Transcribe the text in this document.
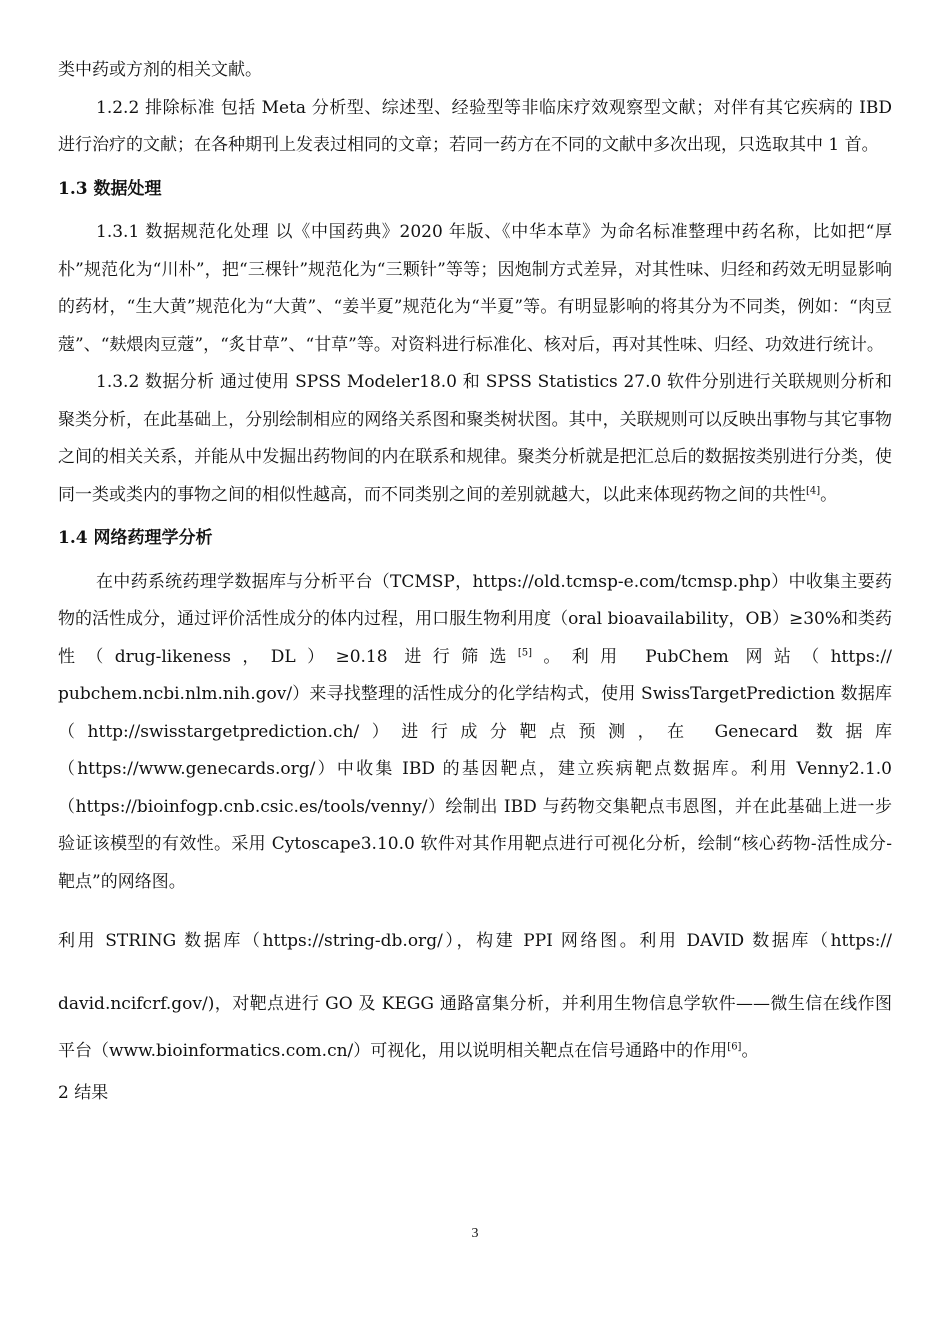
类中药或方剂的相关文献。

1.2.2 排除标准 包括 Meta 分析型、综述型、经验型等非临床疗效观察型文献；对伴有其它疾病的 IBD 进行治疗的文献；在各种期刊上发表过相同的文章；若同一药方在不同的文献中多次出现，只选取其中 1 首。

1.3 数据处理

1.3.1 数据规范化处理 以《中国药典》2020 年版、《中华本草》为命名标准整理中药名称，比如把“厚朴”规范化为“川朴”，把“三棵针”规范化为“三颗针”等等；因炮制方式差异，对其性味、归经和药效无明显影响的药材，“生大黄”规范化为“大黄”、“姜半夏”规范化为“半夏”等。有明显影响的将其分为不同类，例如：“肉豆蔻”、“麸煨肉豆蔻”，“炙甘草”、“甘草”等。对资料进行标准化、核对后，再对其性味、归经、功效进行统计。

1.3.2 数据分析 通过使用 SPSS Modeler18.0 和 SPSS Statistics 27.0 软件分别进行关联规则分析和聚类分析，在此基础上，分别绘制相应的网络关系图和聚类树状图。其中，关联规则可以反映出事物与其它事物之间的相关关系，并能从中发掘出药物间的内在联系和规律。聚类分析就是把汇总后的数据按类别进行分类，使同一类或类内的事物之间的相似性越高，而不同类别之间的差别就越大，以此来体现药物之间的共性[4]。

1.4 网络药理学分析

在中药系统药理学数据库与分析平台（TCMSP，https://old.tcmsp-e.com/tcmsp.php）中收集主要药物的活性成分，通过评价活性成分的体内过程，用口服生物利用度（oral bioavailability，OB）≥30%和类药性（drug-likeness，DL）≥0.18 进行筛选[5]。利用 PubChem 网站（https:// pubchem.ncbi.nlm.nih.gov/）来寻找整理的活性成分的化学结构式，使用 SwissTargetPrediction 数据库（http://swisstargetprediction.ch/）进行成分靶点预测，在 Genecard 数据库（https://www.genecards.org/）中收集 IBD 的基因靶点，建立疾病靶点数据库。利用 Venny2.1.0（https://bioinfogp.cnb.csic.es/tools/venny/）绘制出 IBD 与药物交集靶点韦恩图，并在此基础上进一步验证该模型的有效性。采用 Cytoscape3.10.0 软件对其作用靶点进行可视化分析，绘制“核心药物-活性成分-靶点”的网络图。

利用 STRING 数据库（https://string-db.org/），构建 PPI 网络图。利用 DAVID 数据库（https://

david.ncifcrf.gov/)，对靶点进行 GO 及 KEGG 通路富集分析，并利用生物信息学软件——微生信在线作图平台（www.bioinformatics.com.cn/）可视化，用以说明相关靶点在信号通路中的作用[6]。

2 结果

3
